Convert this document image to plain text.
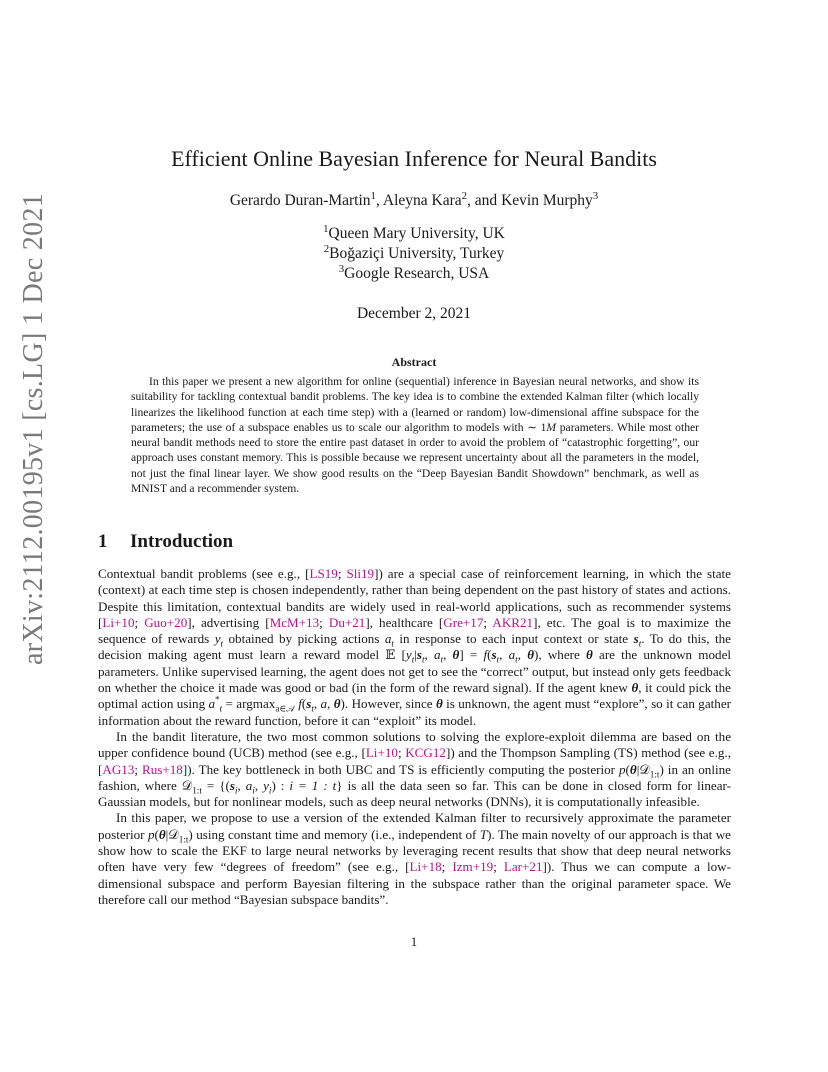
arXiv:2112.00195v1 [cs.LG] 1 Dec 2021
Efficient Online Bayesian Inference for Neural Bandits
Gerardo Duran-Martin$^1$, Aleyna Kara$^2$, and Kevin Murphy$^3$
$^1$Queen Mary University, UK
$^2$Boğaziçi University, Turkey
$^3$Google Research, USA
December 2, 2021
Abstract
In this paper we present a new algorithm for online (sequential) inference in Bayesian neural networks, and show its suitability for tackling contextual bandit problems. The key idea is to combine the extended Kalman filter (which locally linearizes the likelihood function at each time step) with a (learned or random) low-dimensional affine subspace for the parameters; the use of a subspace enables us to scale our algorithm to models with ∼ 1M parameters. While most other neural bandit methods need to store the entire past dataset in order to avoid the problem of “catastrophic forgetting”, our approach uses constant memory. This is possible because we represent uncertainty about all the parameters in the model, not just the final linear layer. We show good results on the “Deep Bayesian Bandit Showdown” benchmark, as well as MNIST and a recommender system.
1 Introduction

Contextual bandit problems (see e.g., [LS19; Sli19]) are a special case of reinforcement learning, in which the state (context) at each time step is chosen independently, rather than being dependent on the past history of states and actions. Despite this limitation, contextual bandits are widely used in real-world applications, such as recommender systems [Li+10; Guo+20], advertising [McM+13; Du+21], healthcare [Gre+17; AKR21], etc. The goal is to maximize the sequence of rewards $y_t$ obtained by picking actions $a_t$ in response to each input context or state $s_t$. To do this, the decision making agent must learn a reward model 𝔼 [$y_t|s_t$, $a_t$, $\theta] = f(s_t$, $a_t$, θ), where θ are the unknown model parameters. Unlike supervised learning, the agent does not get to see the “correct” output, but instead only gets feedback on whether the choice it made was good or bad (in the form of the reward signal). If the agent knew θ, it could pick the optimal action using $a^*_t = argmax_{a\in 𝒜}$ $f(s_t$, a, θ). However, since θ is unknown, the agent must “explore”, so it can gather information about the reward function, before it can “exploit” its model.

In the bandit literature, the two most common solutions to solving the explore-exploit dilemma are based on the upper confidence bound (UCB) method (see e.g., [Li+10; KCG12]) and the Thompson Sampling (TS) method (see e.g., [AG13; Rus+18]). The key bottleneck in both UBC and TS is efficiently computing the posterior p(θ|𝒟$_{1:t}$) in an online fashion, where 𝒟$_{1:t}$ = {($s_i$, $a_i$, $y_i$) : i = 1 : t} is all the data seen so far. This can be done in closed form for linear-Gaussian models, but for nonlinear models, such as deep neural networks (DNNs), it is computationally infeasible.

In this paper, we propose to use a version of the extended Kalman filter to recursively approximate the parameter posterior p(θ|𝒟$_{1:t}$) using constant time and memory (i.e., independent of T). The main novelty of our approach is that we show how to scale the EKF to large neural networks by leveraging recent results that show that deep neural networks often have very few “degrees of freedom” (see e.g., [Li+18; Izm+19; Lar+21]). Thus we can compute a low-dimensional subspace and perform Bayesian filtering in the subspace rather than the original parameter space. We therefore call our method “Bayesian subspace bandits”.

1
